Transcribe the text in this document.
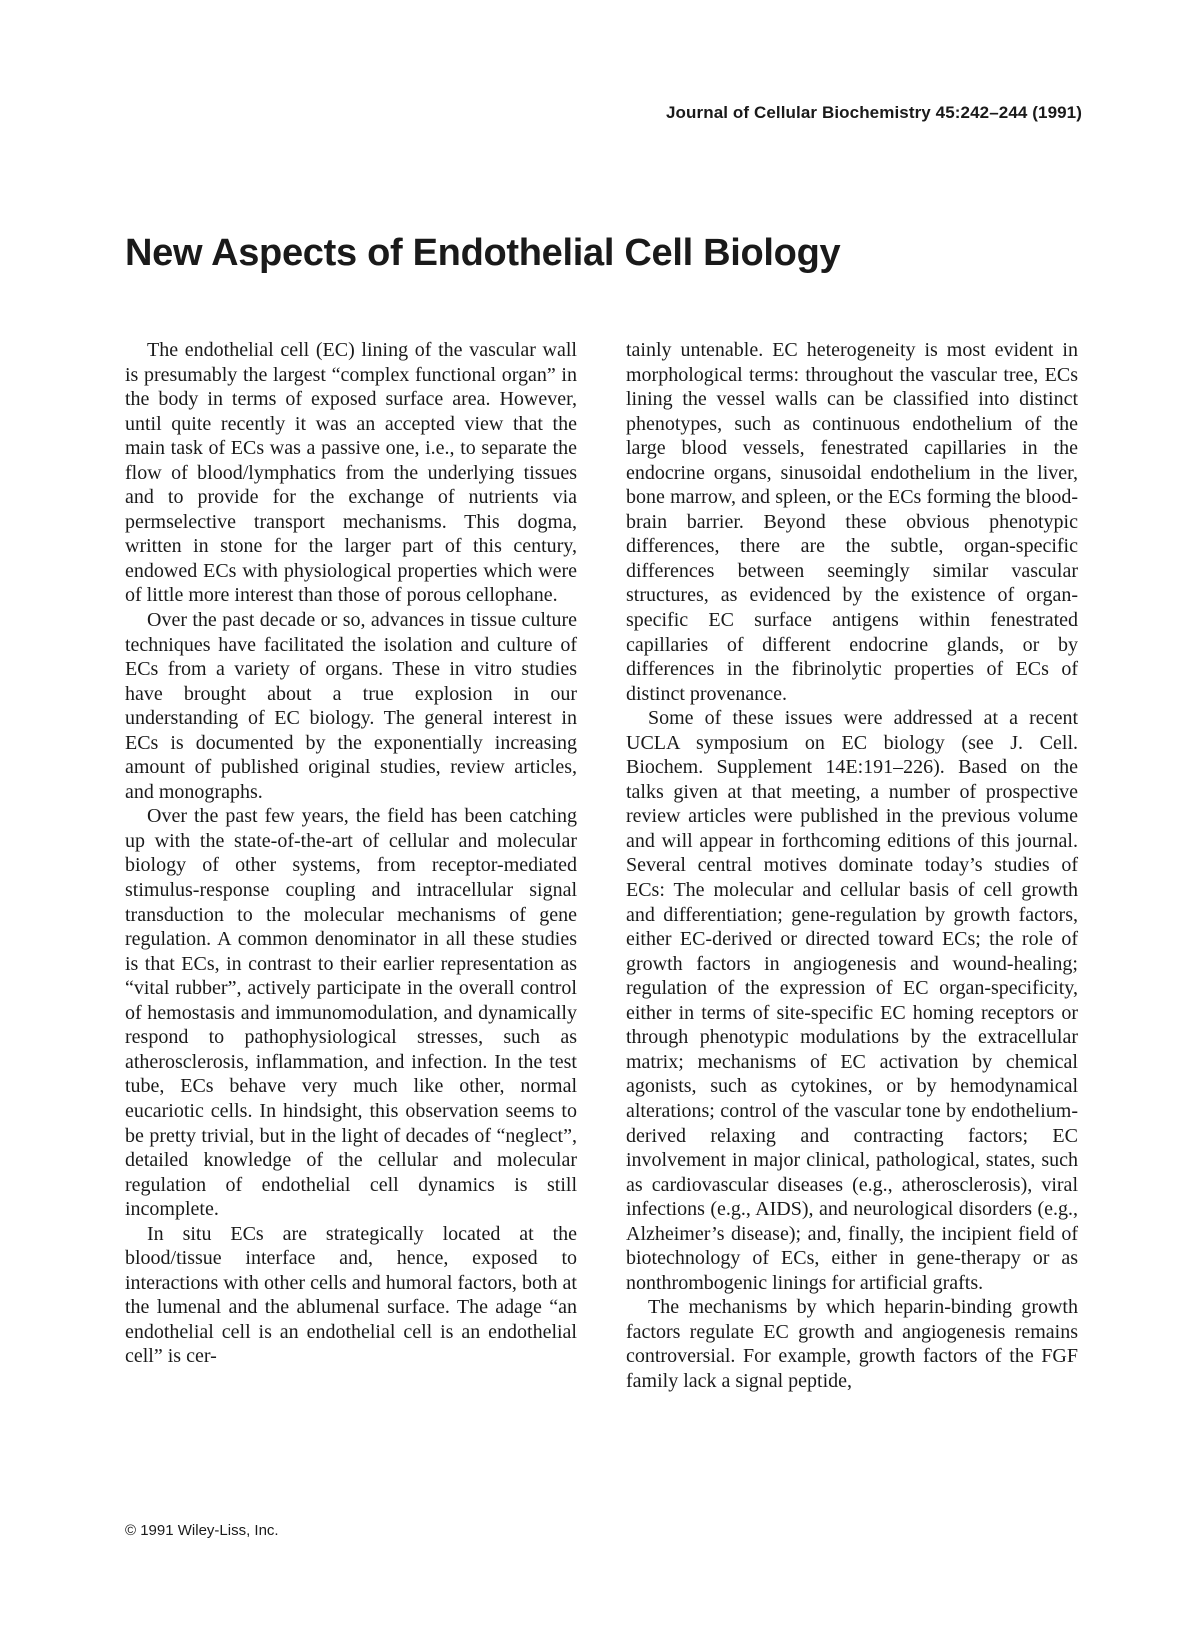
Journal of Cellular Biochemistry 45:242–244 (1991)
New Aspects of Endothelial Cell Biology

The endothelial cell (EC) lining of the vascular wall is presumably the largest “complex functional organ” in the body in terms of exposed surface area. However, until quite recently it was an accepted view that the main task of ECs was a passive one, i.e., to separate the flow of blood/lymphatics from the underlying tissues and to provide for the exchange of nutrients via permselective transport mechanisms. This dogma, written in stone for the larger part of this century, endowed ECs with physiological properties which were of little more interest than those of porous cellophane.

Over the past decade or so, advances in tissue culture techniques have facilitated the isolation and culture of ECs from a variety of organs. These in vitro studies have brought about a true explosion in our understanding of EC biology. The general interest in ECs is documented by the exponentially increasing amount of published original studies, review articles, and monographs.

Over the past few years, the field has been catching up with the state-of-the-art of cellular and molecular biology of other systems, from receptor-mediated stimulus-response coupling and intracellular signal transduction to the molecular mechanisms of gene regulation. A common denominator in all these studies is that ECs, in contrast to their earlier representation as “vital rubber”, actively participate in the overall control of hemostasis and immunomodulation, and dynamically respond to pathophysiological stresses, such as atherosclerosis, inflammation, and infection. In the test tube, ECs behave very much like other, normal eucariotic cells. In hindsight, this observation seems to be pretty trivial, but in the light of decades of “neglect”, detailed knowledge of the cellular and molecular regulation of endothelial cell dynamics is still incomplete.

In situ ECs are strategically located at the blood/tissue interface and, hence, exposed to interactions with other cells and humoral factors, both at the lumenal and the ablumenal surface. The adage “an endothelial cell is an endothelial cell is an endothelial cell” is cer-

tainly untenable. EC heterogeneity is most evident in morphological terms: throughout the vascular tree, ECs lining the vessel walls can be classified into distinct phenotypes, such as continuous endothelium of the large blood vessels, fenestrated capillaries in the endocrine organs, sinusoidal endothelium in the liver, bone marrow, and spleen, or the ECs forming the blood-brain barrier. Beyond these obvious phenotypic differences, there are the subtle, organ-specific differences between seemingly similar vascular structures, as evidenced by the existence of organ-specific EC surface antigens within fenestrated capillaries of different endocrine glands, or by differences in the fibrinolytic properties of ECs of distinct provenance.

Some of these issues were addressed at a recent UCLA symposium on EC biology (see J. Cell. Biochem. Supplement 14E:191–226). Based on the talks given at that meeting, a number of prospective review articles were published in the previous volume and will appear in forthcoming editions of this journal. Several central motives dominate today’s studies of ECs: The molecular and cellular basis of cell growth and differentiation; gene-regulation by growth factors, either EC-derived or directed toward ECs; the role of growth factors in angiogenesis and wound-healing; regulation of the expression of EC organ-specificity, either in terms of site-specific EC homing receptors or through phenotypic modulations by the extracellular matrix; mechanisms of EC activation by chemical agonists, such as cytokines, or by hemodynamical alterations; control of the vascular tone by endothelium-derived relaxing and contracting factors; EC involvement in major clinical, pathological, states, such as cardiovascular diseases (e.g., atherosclerosis), viral infections (e.g., AIDS), and neurological disorders (e.g., Alzheimer’s disease); and, finally, the incipient field of biotechnology of ECs, either in gene-therapy or as nonthrombogenic linings for artificial grafts.

The mechanisms by which heparin-binding growth factors regulate EC growth and angiogenesis remains controversial. For example, growth factors of the FGF family lack a signal peptide,

© 1991 Wiley-Liss, Inc.
